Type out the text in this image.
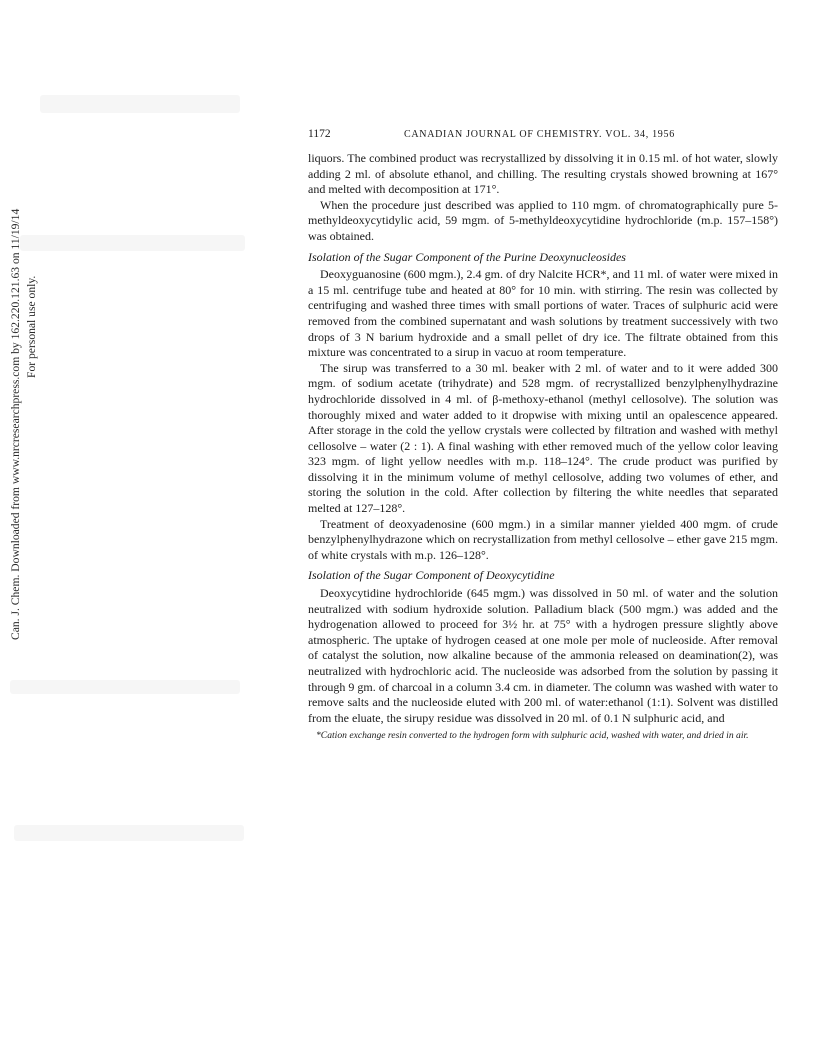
Can. J. Chem. Downloaded from www.nrcresearchpress.com by 162.220.121.63 on 11/19/14 For personal use only.
1172	CANADIAN JOURNAL OF CHEMISTRY. VOL. 34, 1956

liquors. The combined product was recrystallized by dissolving it in 0.15 ml. of hot water, slowly adding 2 ml. of absolute ethanol, and chilling. The resulting crystals showed browning at 167° and melted with decomposition at 171°.

When the procedure just described was applied to 110 mgm. of chromatographically pure 5-methyldeoxycytidylic acid, 59 mgm. of 5-methyldeoxycytidine hydrochloride (m.p. 157–158°) was obtained.

Isolation of the Sugar Component of the Purine Deoxynucleosides

Deoxyguanosine (600 mgm.), 2.4 gm. of dry Nalcite HCR*, and 11 ml. of water were mixed in a 15 ml. centrifuge tube and heated at 80° for 10 min. with stirring. The resin was collected by centrifuging and washed three times with small portions of water. Traces of sulphuric acid were removed from the combined supernatant and wash solutions by treatment successively with two drops of 3 N barium hydroxide and a small pellet of dry ice. The filtrate obtained from this mixture was concentrated to a sirup in vacuo at room temperature.

The sirup was transferred to a 30 ml. beaker with 2 ml. of water and to it were added 300 mgm. of sodium acetate (trihydrate) and 528 mgm. of recrystallized benzylphenylhydrazine hydrochloride dissolved in 4 ml. of β-methoxy-ethanol (methyl cellosolve). The solution was thoroughly mixed and water added to it dropwise with mixing until an opalescence appeared. After storage in the cold the yellow crystals were collected by filtration and washed with methyl cellosolve – water (2 : 1). A final washing with ether removed much of the yellow color leaving 323 mgm. of light yellow needles with m.p. 118–124°. The crude product was purified by dissolving it in the minimum volume of methyl cellosolve, adding two volumes of ether, and storing the solution in the cold. After collection by filtering the white needles that separated melted at 127–128°.

Treatment of deoxyadenosine (600 mgm.) in a similar manner yielded 400 mgm. of crude benzylphenylhydrazone which on recrystallization from methyl cellosolve – ether gave 215 mgm. of white crystals with m.p. 126–128°.

Isolation of the Sugar Component of Deoxycytidine

Deoxycytidine hydrochloride (645 mgm.) was dissolved in 50 ml. of water and the solution neutralized with sodium hydroxide solution. Palladium black (500 mgm.) was added and the hydrogenation allowed to proceed for 3½ hr. at 75° with a hydrogen pressure slightly above atmospheric. The uptake of hydrogen ceased at one mole per mole of nucleoside. After removal of catalyst the solution, now alkaline because of the ammonia released on deamination(2), was neutralized with hydrochloric acid. The nucleoside was adsorbed from the solution by passing it through 9 gm. of charcoal in a column 3.4 cm. in diameter. The column was washed with water to remove salts and the nucleoside eluted with 200 ml. of water:ethanol (1:1). Solvent was distilled from the eluate, the sirupy residue was dissolved in 20 ml. of 0.1 N sulphuric acid, and

*Cation exchange resin converted to the hydrogen form with sulphuric acid, washed with water, and dried in air.
